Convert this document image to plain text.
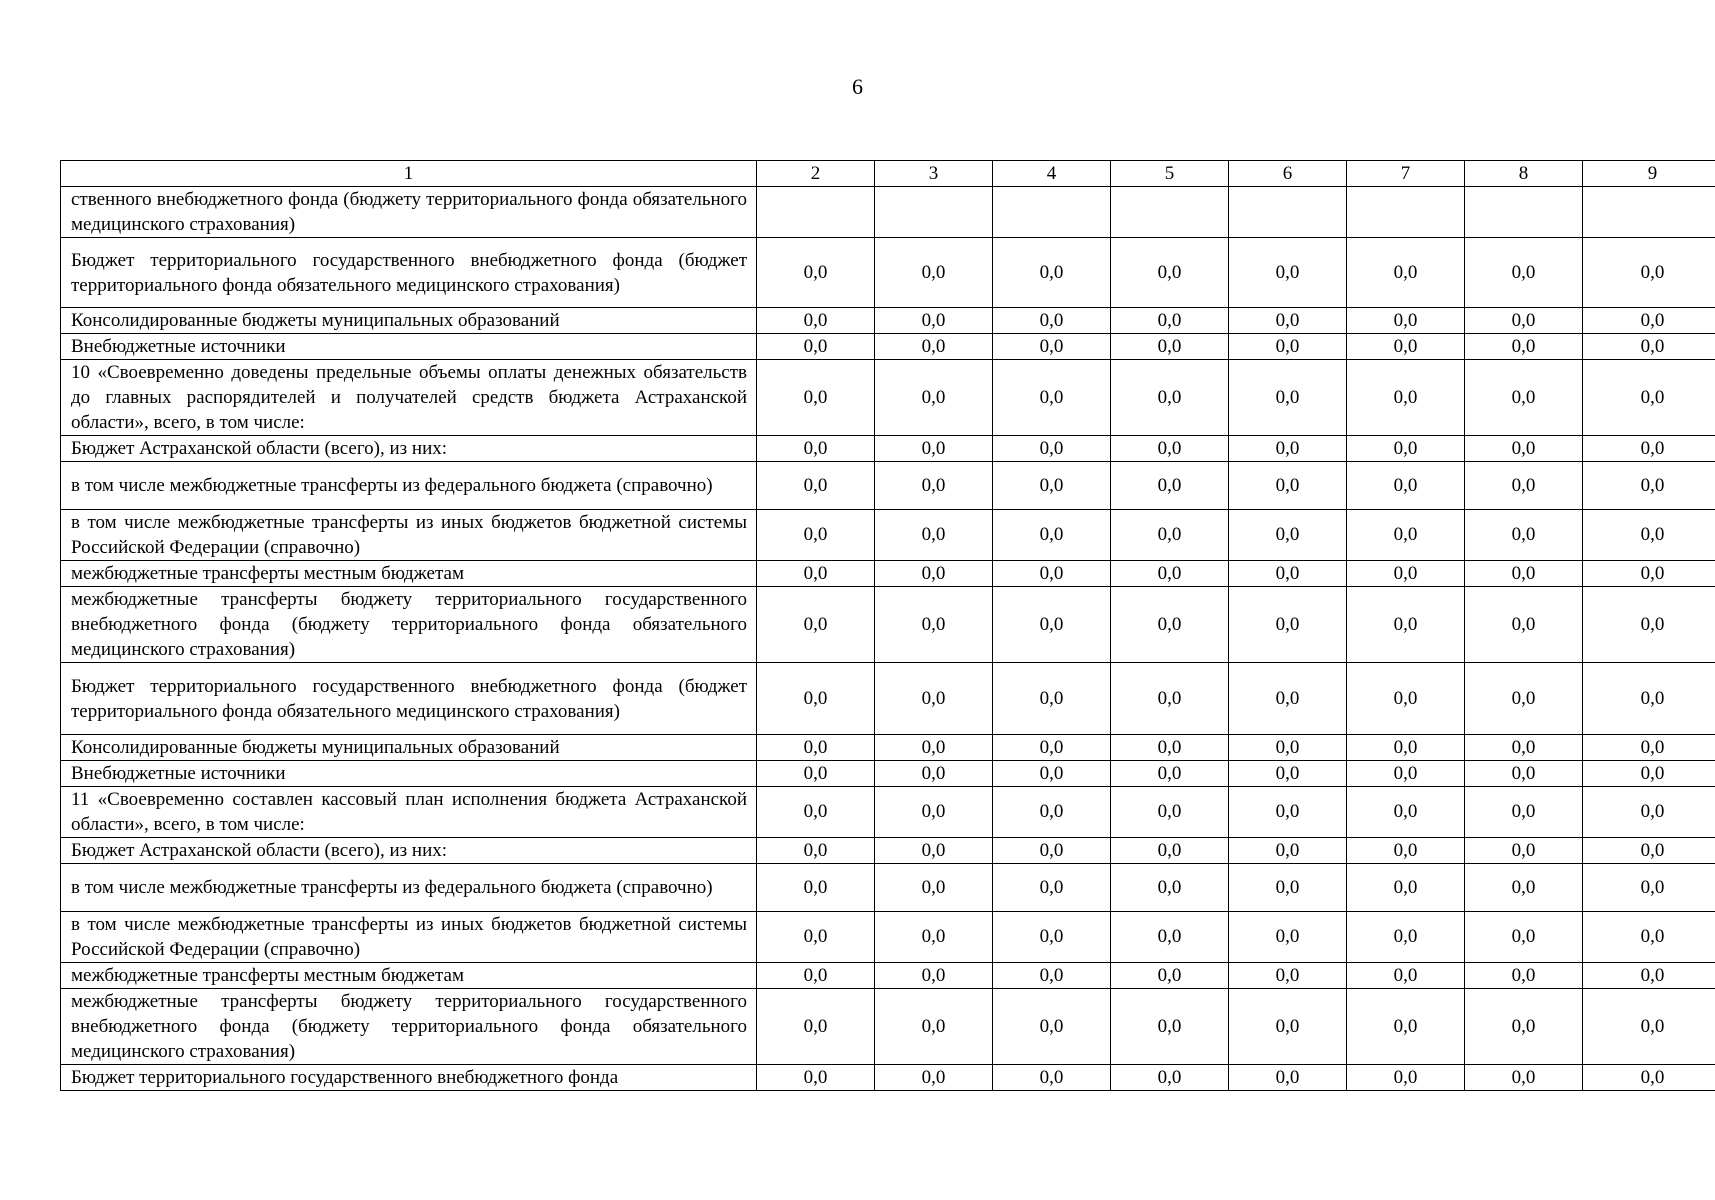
6
1	2	3	4	5	6	7	8	9
ственного внебюджетного фонда (бюджету территориального фонда обязательного медицинского страхования)								
Бюджет территориального государственного внебюджетного фонда (бюджет территориального фонда обязательного медицинского страхования)	0,0	0,0	0,0	0,0	0,0	0,0	0,0	0,0
Консолидированные бюджеты муниципальных образований	0,0	0,0	0,0	0,0	0,0	0,0	0,0	0,0
Внебюджетные источники	0,0	0,0	0,0	0,0	0,0	0,0	0,0	0,0
10 «Своевременно доведены предельные объемы оплаты денежных обязательств до главных распорядителей и получателей средств бюджета Астраханской области», всего, в том числе:	0,0	0,0	0,0	0,0	0,0	0,0	0,0	0,0
Бюджет Астраханской области (всего), из них:	0,0	0,0	0,0	0,0	0,0	0,0	0,0	0,0
в том числе межбюджетные трансферты из федерального бюджета (справочно)	0,0	0,0	0,0	0,0	0,0	0,0	0,0	0,0
в том числе межбюджетные трансферты из иных бюджетов бюджетной системы Российской Федерации (справочно)	0,0	0,0	0,0	0,0	0,0	0,0	0,0	0,0
межбюджетные трансферты местным бюджетам	0,0	0,0	0,0	0,0	0,0	0,0	0,0	0,0
межбюджетные трансферты бюджету территориального государственного внебюджетного фонда (бюджету территориального фонда обязательного медицинского страхования)	0,0	0,0	0,0	0,0	0,0	0,0	0,0	0,0
Бюджет территориального государственного внебюджетного фонда (бюджет территориального фонда обязательного медицинского страхования)	0,0	0,0	0,0	0,0	0,0	0,0	0,0	0,0
Консолидированные бюджеты муниципальных образований	0,0	0,0	0,0	0,0	0,0	0,0	0,0	0,0
Внебюджетные источники	0,0	0,0	0,0	0,0	0,0	0,0	0,0	0,0
11 «Своевременно составлен кассовый план исполнения бюджета Астраханской области», всего, в том числе:	0,0	0,0	0,0	0,0	0,0	0,0	0,0	0,0
Бюджет Астраханской области (всего), из них:	0,0	0,0	0,0	0,0	0,0	0,0	0,0	0,0
в том числе межбюджетные трансферты из федерального бюджета (справочно)	0,0	0,0	0,0	0,0	0,0	0,0	0,0	0,0
в том числе межбюджетные трансферты из иных бюджетов бюджетной системы Российской Федерации (справочно)	0,0	0,0	0,0	0,0	0,0	0,0	0,0	0,0
межбюджетные трансферты местным бюджетам	0,0	0,0	0,0	0,0	0,0	0,0	0,0	0,0
межбюджетные трансферты бюджету территориального государственного внебюджетного фонда (бюджету территориального фонда обязательного медицинского страхования)	0,0	0,0	0,0	0,0	0,0	0,0	0,0	0,0
Бюджет территориального государственного внебюджетного фонда	0,0	0,0	0,0	0,0	0,0	0,0	0,0	0,0
